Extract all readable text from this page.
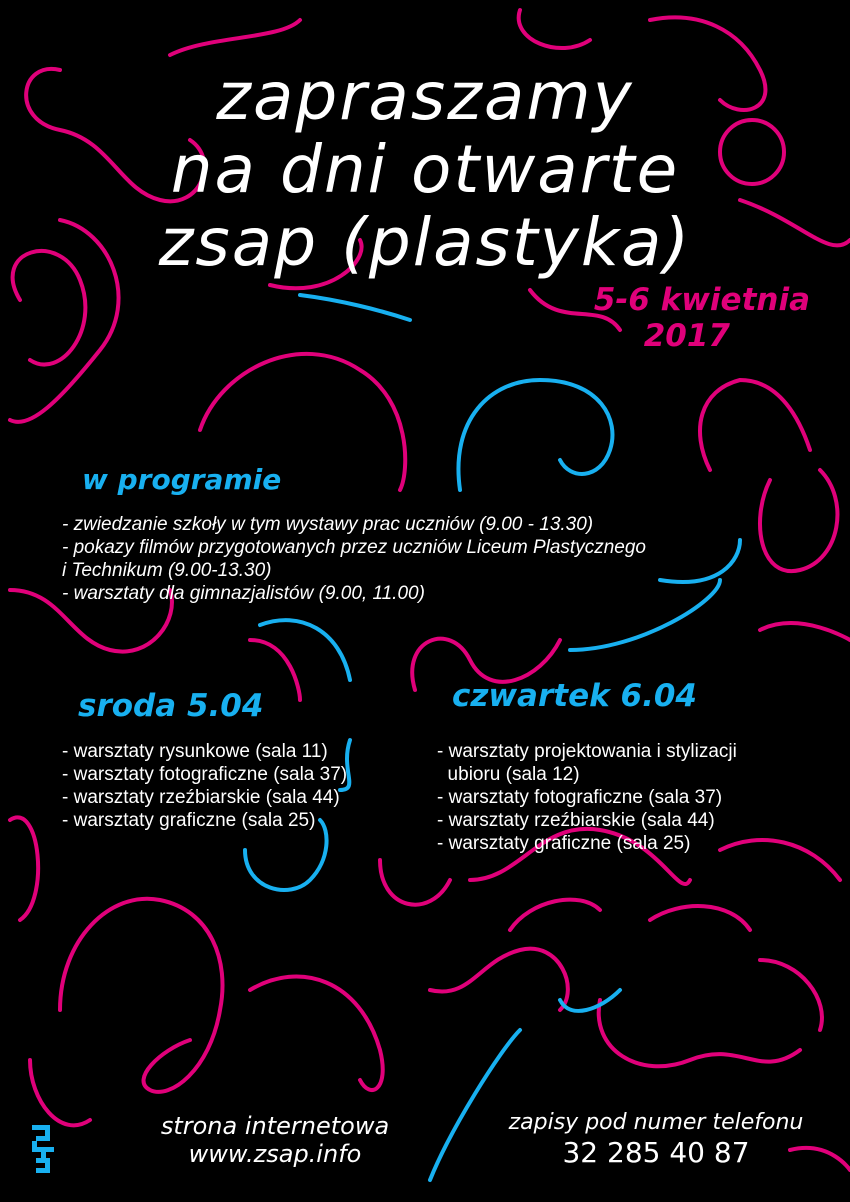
zapraszamy
na dni otwarte
zsap (plastyka)
5-6 kwietnia
2017
w programie
- zwiedzanie szkoły w tym wystawy prac uczniów (9.00 - 13.30)
- pokazy filmów przygotowanych przez uczniów Liceum Plastycznego
i Technikum (9.00-13.30)
- warsztaty dla gimnazjalistów (9.00, 11.00)
sroda 5.04
- warsztaty rysunkowe (sala 11)
- warsztaty fotograficzne (sala 37)
- warsztaty rzeźbiarskie (sala 44)
- warsztaty graficzne (sala 25)
czwartek 6.04
- warsztaty projektowania i stylizacji
ubioru (sala 12)
- warsztaty fotograficzne (sala 37)
- warsztaty rzeźbiarskie (sala 44)
- warsztaty graficzne (sala 25)
strona internetowa
www.zsap.info
zapisy pod numer telefonu
32 285 40 87
